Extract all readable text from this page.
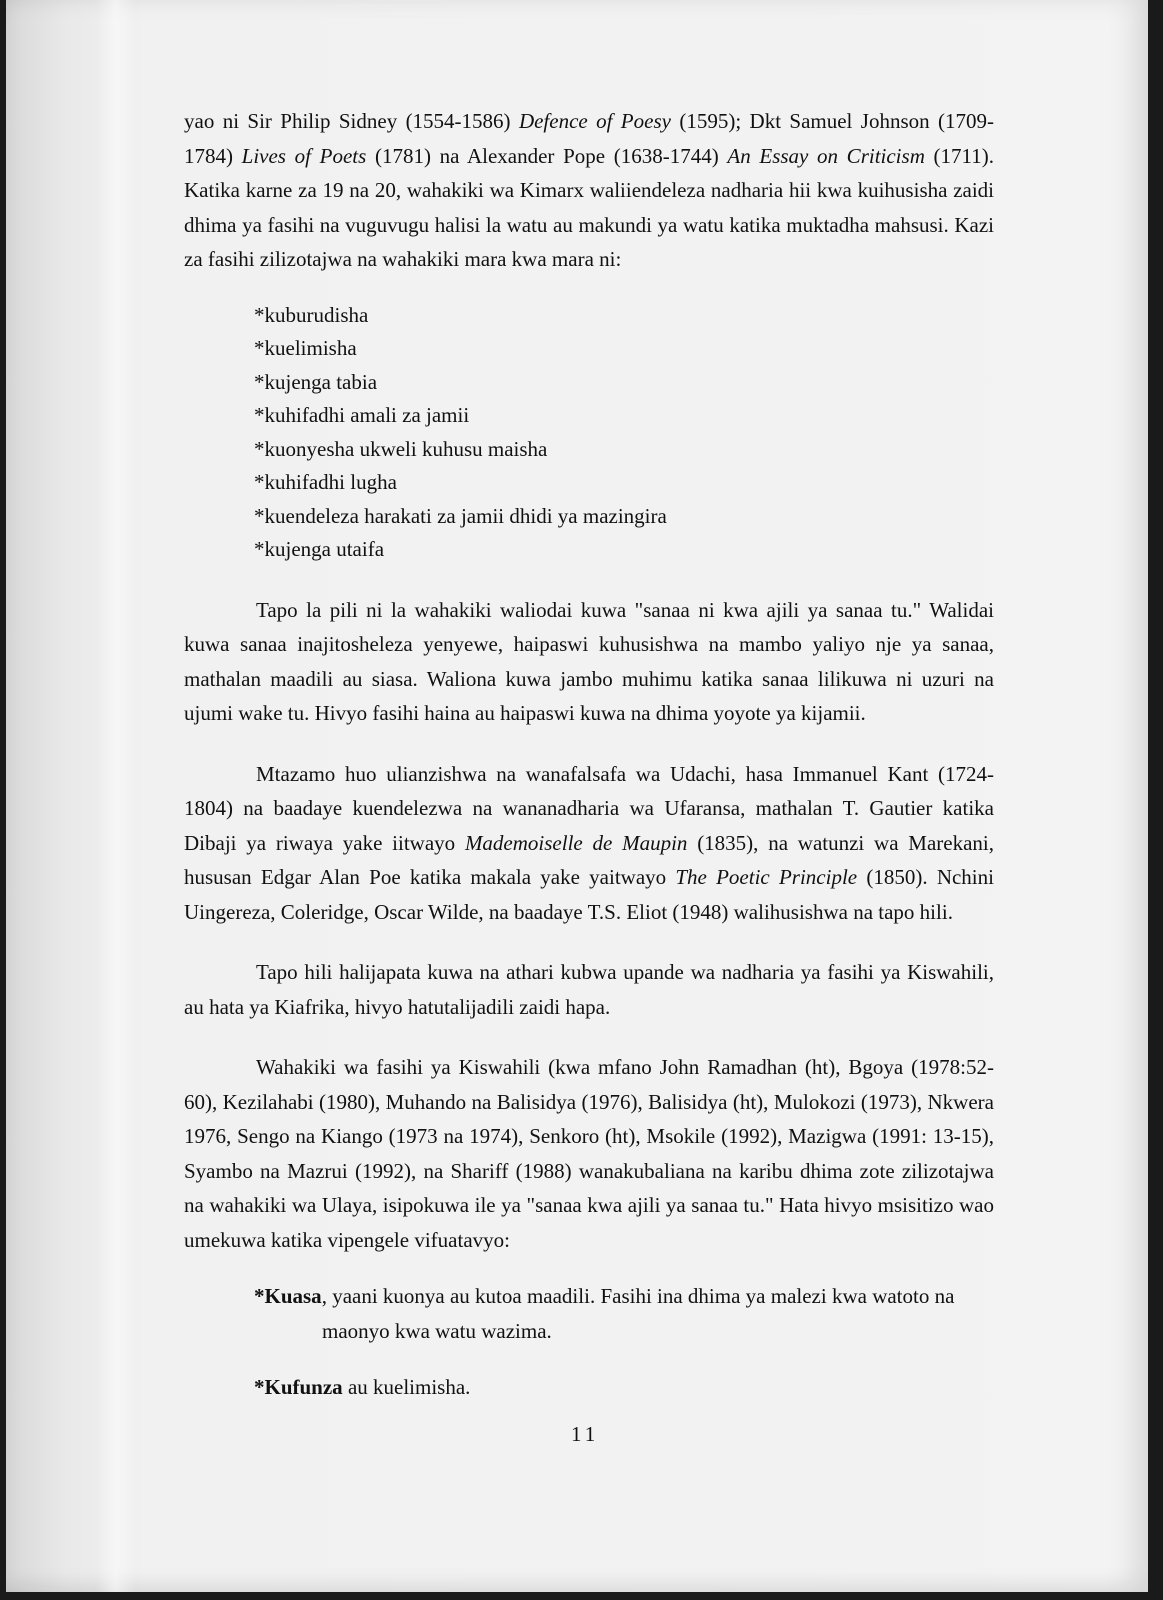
yao ni Sir Philip Sidney (1554-1586) Defence of Poesy (1595); Dkt Samuel Johnson (1709-1784) Lives of Poets (1781) na Alexander Pope (1638-1744) An Essay on Criticism (1711). Katika karne za 19 na 20, wahakiki wa Kimarx waliiendeleza nadharia hii kwa kuihusisha zaidi dhima ya fasihi na vuguvugu halisi la watu au makundi ya watu katika muktadha mahsusi. Kazi za fasihi zilizotajwa na wahakiki mara kwa mara ni:

*kuburudisha
*kuelimisha
*kujenga tabia
*kuhifadhi amali za jamii
*kuonyesha ukweli kuhusu maisha
*kuhifadhi lugha
*kuendeleza harakati za jamii dhidi ya mazingira
*kujenga utaifa

Tapo la pili ni la wahakiki waliodai kuwa "sanaa ni kwa ajili ya sanaa tu." Walidai kuwa sanaa inajitosheleza yenyewe, haipaswi kuhusishwa na mambo yaliyo nje ya sanaa, mathalan maadili au siasa. Waliona kuwa jambo muhimu katika sanaa lilikuwa ni uzuri na ujumi wake tu. Hivyo fasihi haina au haipaswi kuwa na dhima yoyote ya kijamii.

Mtazamo huo ulianzishwa na wanafalsafa wa Udachi, hasa Immanuel Kant (1724-1804) na baadaye kuendelezwa na wananadharia wa Ufaransa, mathalan T. Gautier katika Dibaji ya riwaya yake iitwayo Mademoiselle de Maupin (1835), na watunzi wa Marekani, hususan Edgar Alan Poe katika makala yake yaitwayo The Poetic Principle (1850). Nchini Uingereza, Coleridge, Oscar Wilde, na baadaye T.S. Eliot (1948) walihusishwa na tapo hili.

Tapo hili halijapata kuwa na athari kubwa upande wa nadharia ya fasihi ya Kiswahili, au hata ya Kiafrika, hivyo hatutalijadili zaidi hapa.

Wahakiki wa fasihi ya Kiswahili (kwa mfano John Ramadhan (ht), Bgoya (1978:52-60), Kezilahabi (1980), Muhando na Balisidya (1976), Balisidya (ht), Mulokozi (1973), Nkwera 1976, Sengo na Kiango (1973 na 1974), Senkoro (ht), Msokile (1992), Mazigwa (1991: 13-15), Syambo na Mazrui (1992), na Shariff (1988) wanakubaliana na karibu dhima zote zilizotajwa na wahakiki wa Ulaya, isipokuwa ile ya "sanaa kwa ajili ya sanaa tu." Hata hivyo msisitizo wao umekuwa katika vipengele vifuatavyo:

*Kuasa, yaani kuonya au kutoa maadili. Fasihi ina dhima ya malezi kwa watoto na
maonyo kwa watu wazima.

*Kufunza au kuelimisha.

11
